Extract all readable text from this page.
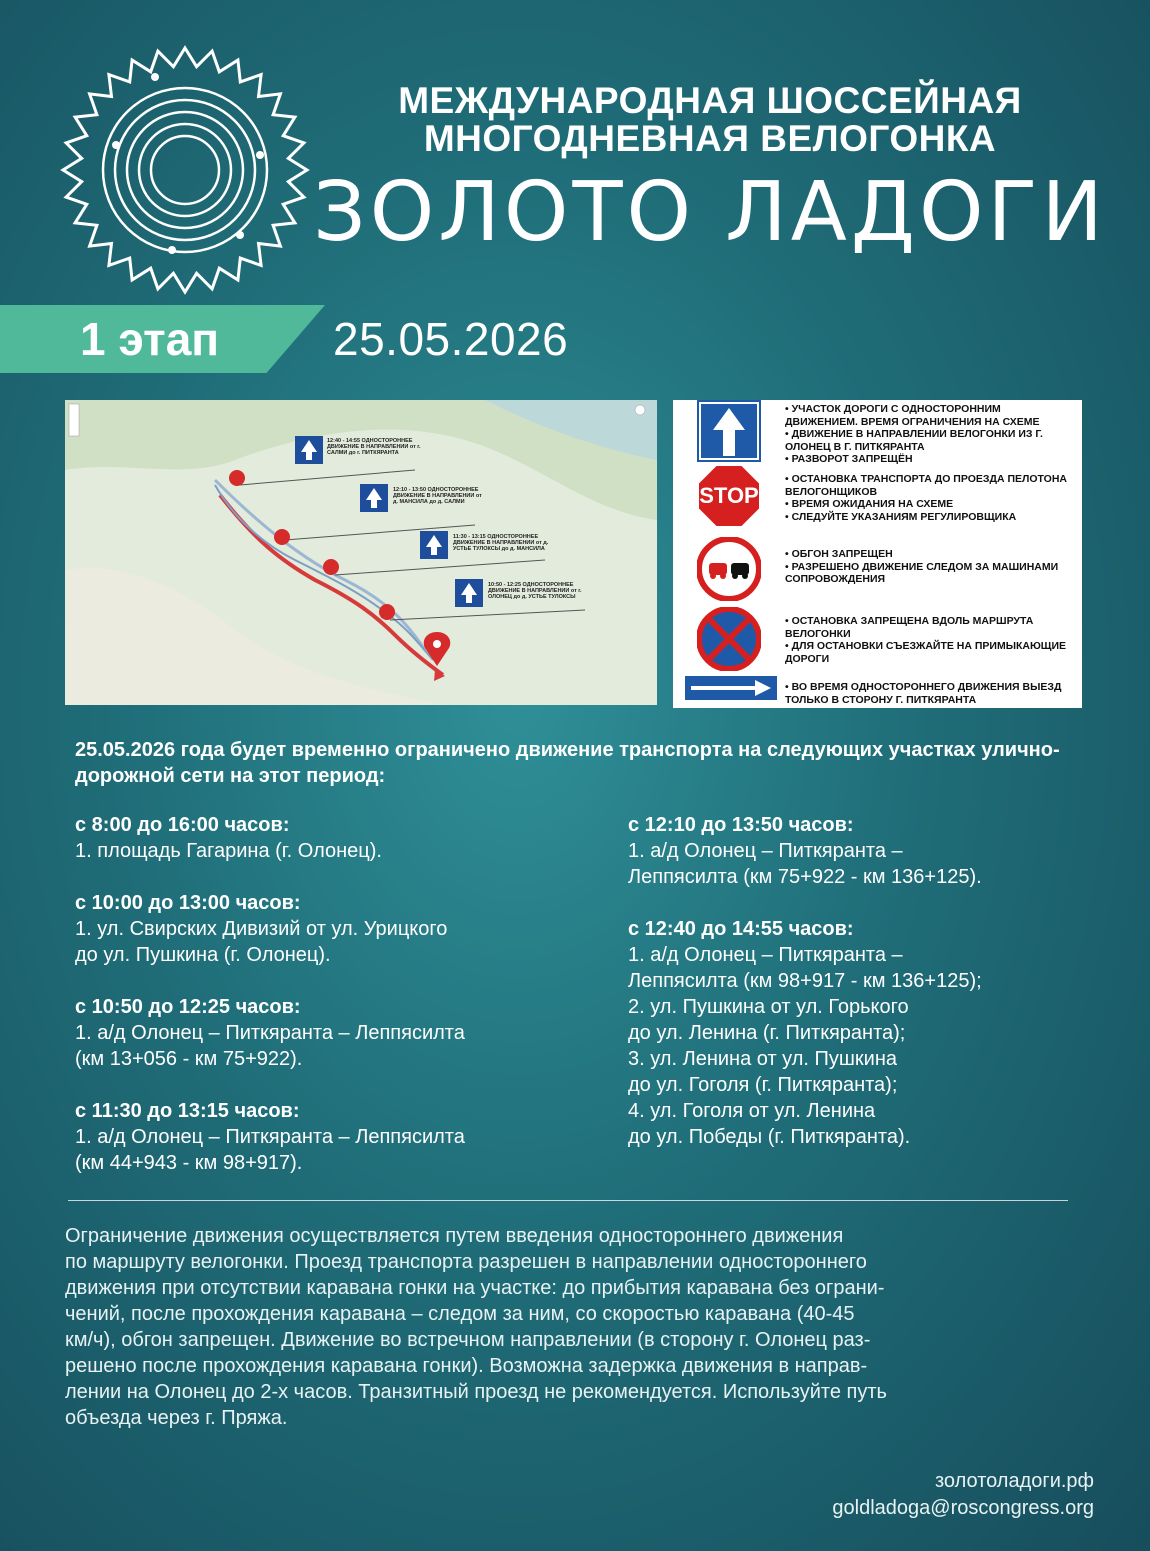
МЕЖДУНАРОДНАЯ ШОССЕЙНАЯ
МНОГОДНЕВНАЯ ВЕЛОГОНКА
ЗОЛОТО ЛАДОГИ
1 этап 25.05.2026
12:40 - 14:55 ОДНОСТОРОННЕЕ ДВИЖЕНИЕ В НАПРАВЛЕНИИ от г. САЛМИ до г. ПИТКЯРАНТА
12:10 - 13:50 ОДНОСТОРОННЕЕ ДВИЖЕНИЕ В НАПРАВЛЕНИИ от д. МАНСИЛА до д. САЛМИ
11:30 - 13:15 ОДНОСТОРОННЕЕ ДВИЖЕНИЕ В НАПРАВЛЕНИИ от д. УСТЬЕ ТУЛОКСЫ до д. МАНСИЛА
10:50 - 12:25 ОДНОСТОРОННЕЕ ДВИЖЕНИЕ В НАПРАВЛЕНИИ от г. ОЛОНЕЦ до д. УСТЬЕ ТУЛОКСЫ
• УЧАСТОК ДОРОГИ С ОДНОСТОРОННИМ ДВИЖЕНИЕМ. ВРЕМЯ ОГРАНИЧЕНИЯ НА СХЕМЕ
• ДВИЖЕНИЕ В НАПРАВЛЕНИИ ВЕЛОГОНКИ ИЗ Г. ОЛОНЕЦ В Г. ПИТКЯРАНТА
• РАЗВОРОТ ЗАПРЕЩЁН
STOP
• ОСТАНОВКА ТРАНСПОРТА ДО ПРОЕЗДА ПЕЛОТОНА ВЕЛОГОНЩИКОВ
• ВРЕМЯ ОЖИДАНИЯ НА СХЕМЕ
• СЛЕДУЙТЕ УКАЗАНИЯМ РЕГУЛИРОВЩИКА
• ОБГОН ЗАПРЕЩЕН
• РАЗРЕШЕНО ДВИЖЕНИЕ СЛЕДОМ ЗА МАШИНАМИ СОПРОВОЖДЕНИЯ
• ОСТАНОВКА ЗАПРЕЩЕНА ВДОЛЬ МАРШРУТА ВЕЛОГОНКИ
• ДЛЯ ОСТАНОВКИ СЪЕЗЖАЙТЕ НА ПРИМЫКАЮЩИЕ ДОРОГИ
• ВО ВРЕМЯ ОДНОСТОРОННЕГО ДВИЖЕНИЯ ВЫЕЗД ТОЛЬКО В СТОРОНУ Г. ПИТКЯРАНТА
25.05.2026 года будет временно ограничено движение транспорта на следующих участках улично-дорожной сети на этот период:
с 8:00 до 16:00 часов:

1. площадь Гагарина (г. Олонец).

с 10:00 до 13:00 часов:

1. ул. Свирских Дивизий от ул. Урицкого
до ул. Пушкина (г. Олонец).

с 10:50 до 12:25 часов:

1. а/д Олонец – Питкяранта – Леппясилта
(км 13+056 - км 75+922).

с 11:30 до 13:15 часов:

1. а/д Олонец – Питкяранта – Леппясилта
(км 44+943 - км 98+917).

с 12:10 до 13:50 часов:

1. а/д Олонец – Питкяранта –
Леппясилта (км 75+922 - км 136+125).

с 12:40 до 14:55 часов:

1. а/д Олонец – Питкяранта –
Леппясилта (км 98+917 - км 136+125);
2. ул. Пушкина от ул. Горького
до ул. Ленина (г. Питкяранта);
3. ул. Ленина от ул. Пушкина
до ул. Гоголя (г. Питкяранта);
4. ул. Гоголя от ул. Ленина
до ул. Победы (г. Питкяранта).

Ограничение движения осуществляется путем введения одностороннего движения
по маршруту велогонки. Проезд транспорта разрешен в направлении одностороннего
движения при отсутствии каравана гонки на участке: до прибытия каравана без ограни-
чений, после прохождения каравана – следом за ним, со скоростью каравана (40-45
км/ч), обгон запрещен. Движение во встречном направлении (в сторону г. Олонец раз-
решено после прохождения каравана гонки). Возможна задержка движения в направ-
лении на Олонец до 2-х часов. Транзитный проезд не рекомендуется. Используйте путь
объезда через г. Пряжа.
золотоладоги.рф
goldladoga@roscongress.org
